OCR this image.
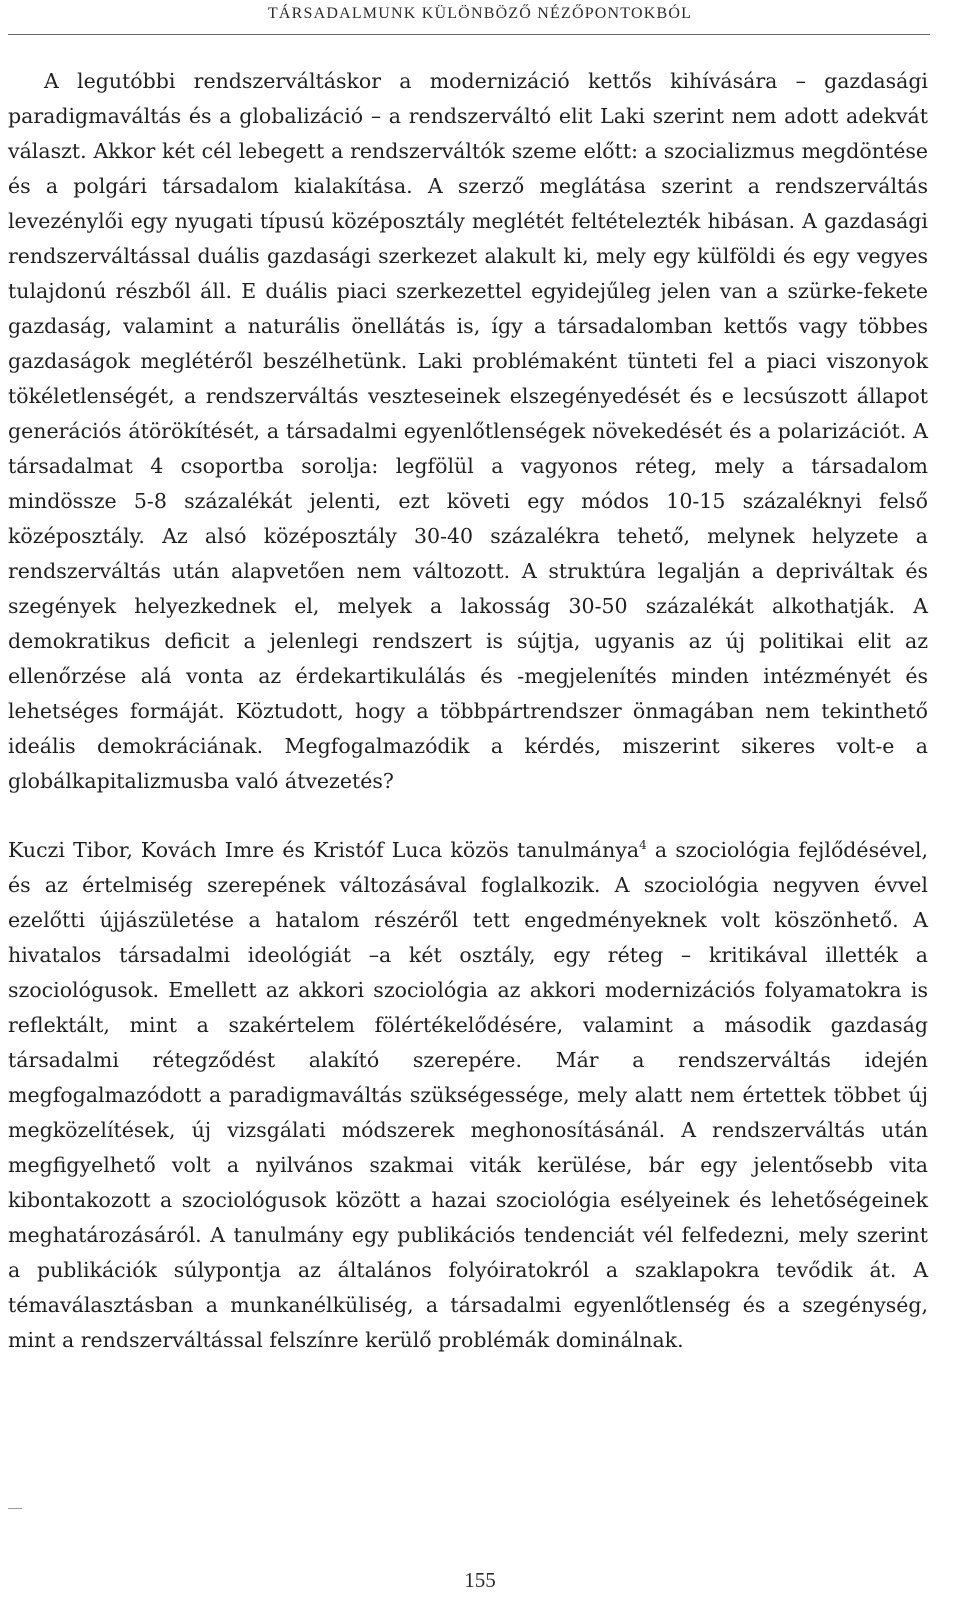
TÁRSADALMUNK KÜLÖNBÖZŐ NÉZŐPONTOKBÓL

A legutóbbi rendszerváltáskor a modernizáció kettős kihívására – gazdasági paradigmaváltás és a globalizáció – a rendszerváltó elit Laki szerint nem adott adekvát választ. Akkor két cél lebegett a rendszerváltók szeme előtt: a szocializmus megdöntése és a polgári társadalom kialakítása. A szerző meglátása szerint a rendszerváltás levezénylői egy nyugati típusú középosztály meglétét feltételezték hibásan. A gazdasági rendszerváltással duális gazdasági szerkezet alakult ki, mely egy külföldi és egy vegyes tulajdonú részből áll. E duális piaci szerkezettel egyidejűleg jelen van a szürke-fekete gazdaság, valamint a naturális önellátás is, így a társadalomban kettős vagy többes gazdaságok meglétéről beszélhetünk. Laki problémaként tünteti fel a piaci viszonyok tökéletlenségét, a rendszerváltás veszteseinek elszegényedését és e lecsúszott állapot generációs átörökítését, a társadalmi egyenlőtlenségek növekedését és a polarizációt. A társadalmat 4 csoportba sorolja: legfölül a vagyonos réteg, mely a társadalom mindössze 5-8 százalékát jelenti, ezt követi egy módos 10-15 százaléknyi felső középosztály. Az alsó középosztály 30-40 százalékra tehető, melynek helyzete a rendszerváltás után alapvetően nem változott. A struktúra legalján a depriváltak és szegények helyezkednek el, melyek a lakosság 30-50 százalékát alkothatják. A demokratikus deficit a jelenlegi rendszert is sújtja, ugyanis az új politikai elit az ellenőrzése alá vonta az érdekartikulálás és -megjelenítés minden intézményét és lehetséges formáját. Köztudott, hogy a többpártrendszer önmagában nem tekinthető ideális demokráciának. Megfogalmazódik a kérdés, miszerint sikeres volt-e a globálkapitalizmusba való átvezetés?

Kuczi Tibor, Kovách Imre és Kristóf Luca közös tanulmánya$^4$ a szociológia fejlődésével, és az értelmiség szerepének változásával foglalkozik. A szociológia negyven évvel ezelőtti újjászületése a hatalom részéről tett engedményeknek volt köszönhető. A hivatalos társadalmi ideológiát –a két osztály, egy réteg – kritikával illették a szociológusok. Emellett az akkori szociológia az akkori modernizációs folyamatokra is reflektált, mint a szakértelem fölértékelődésére, valamint a második gazdaság társadalmi rétegződést alakító szerepére. Már a rendszerváltás idején megfogalmazódott a paradigmaváltás szükségessége, mely alatt nem értettek többet új megközelítések, új vizsgálati módszerek meghonosításánál. A rendszerváltás után megfigyelhető volt a nyilvános szakmai viták kerülése, bár egy jelentősebb vita kibontakozott a szociológusok között a hazai szociológia esélyeinek és lehetőségeinek meghatározásáról. A tanulmány egy publikációs tendenciát vél felfedezni, mely szerint a publikációk súlypontja az általános folyóiratokról a szaklapokra tevődik át. A témaválasztásban a munkanélküliség, a társadalmi egyenlőtlenség és a szegénység, mint a rendszerváltással felszínre kerülő problémák dominálnak.

155
